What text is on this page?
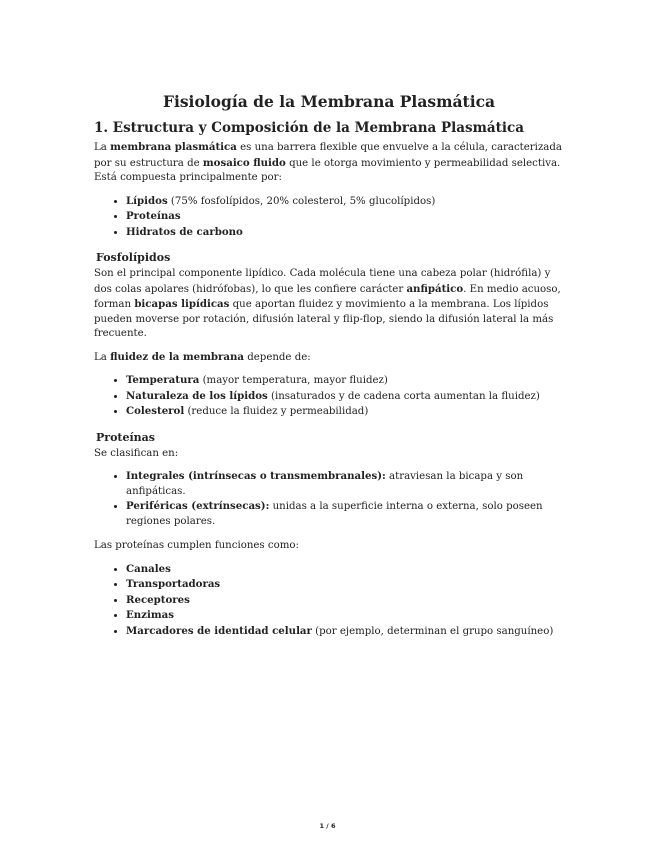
Fisiología de la Membrana Plasmática
1. Estructura y Composición de la Membrana Plasmática

La membrana plasmática es una barrera flexible que envuelve a la célula, caracterizada por su estructura de mosaico fluido que le otorga movimiento y permeabilidad selectiva. Está compuesta principalmente por:

• Lípidos (75% fosfolípidos, 20% colesterol, 5% glucolípidos)
• Proteínas
• Hidratos de carbono
Fosfolípidos

Son el principal componente lipídico. Cada molécula tiene una cabeza polar (hidrófila) y dos colas apolares (hidrófobas), lo que les confiere carácter anfipático. En medio acuoso, forman bicapas lipídicas que aportan fluidez y movimiento a la membrana. Los lípidos pueden moverse por rotación, difusión lateral y flip-flop, siendo la difusión lateral la más frecuente.

La fluidez de la membrana depende de:

• Temperatura (mayor temperatura, mayor fluidez)
• Naturaleza de los lípidos (insaturados y de cadena corta aumentan la fluidez)
• Colesterol (reduce la fluidez y permeabilidad)
Proteínas

Se clasifican en:

• Integrales (intrínsecas o transmembranales): atraviesan la bicapa y son anfipáticas.
• Periféricas (extrínsecas): unidas a la superficie interna o externa, solo poseen regiones polares.

Las proteínas cumplen funciones como:

• Canales
• Transportadoras
• Receptores
• Enzimas
• Marcadores de identidad celular (por ejemplo, determinan el grupo sanguíneo)
1 / 6
